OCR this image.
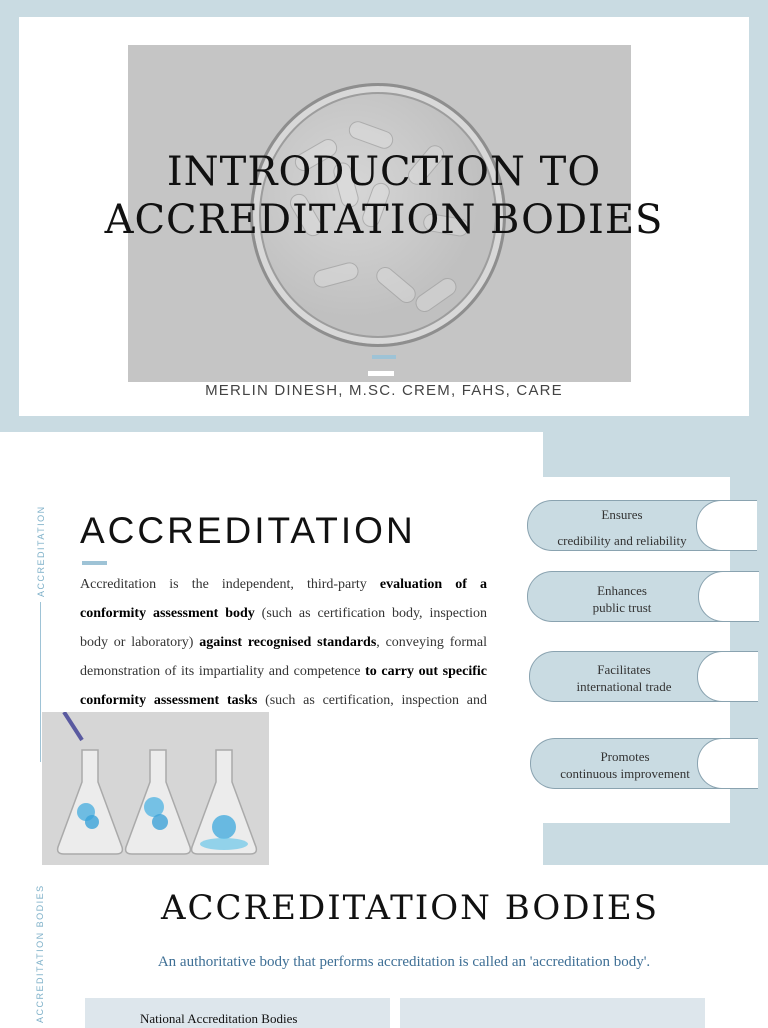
INTRODUCTION TO
ACCREDITATION BODIES
MERLIN DINESH, M.SC. CREM, FAHS, CARE
ACCREDITATION ACCREDITATION
Accreditation is the independent, third-party evaluation of a conformity assessment body (such as certification body, inspection body or laboratory) against recognised standards, conveying formal demonstration of its impartiality and competence to carry out specific conformity assessment tasks (such as certification, inspection and
Ensures
credibility and reliability
Enhances
public trust
Facilitates
international trade
Promotes
continuous improvement
ACCREDITATION BODIES	ACCREDITATION BODIES
An authoritative body that performs accreditation is called an 'accreditation body'.
National Accreditation Bodies
